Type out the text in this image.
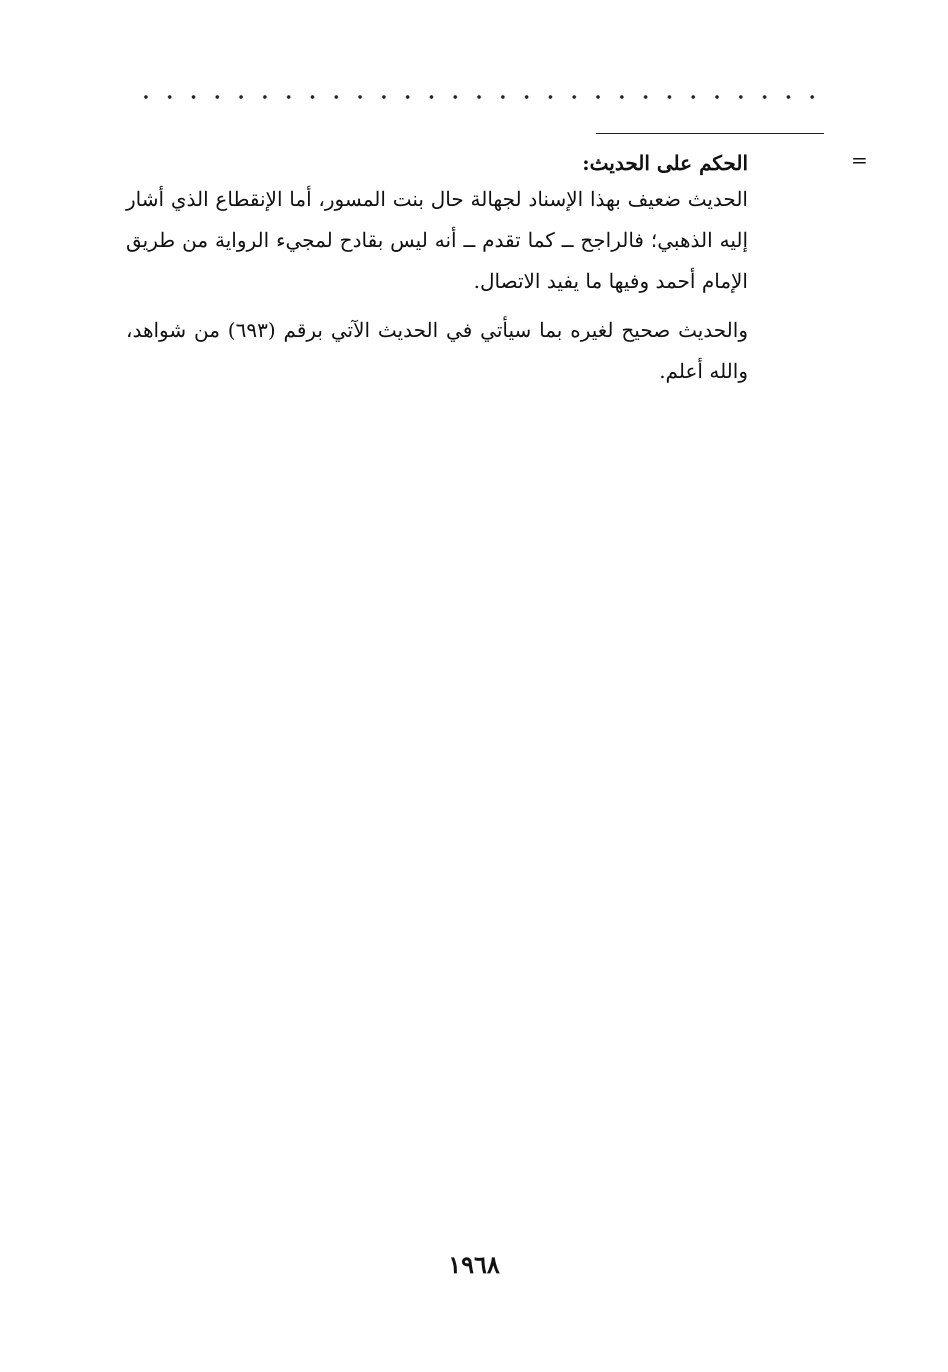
=
الحكم على الحديث:

الحديث ضعيف بهذا الإسناد لجهالة حال بنت المسور، أما الإنقطاع الذي أشار إليه الذهبي؛ فالراجح ــ كما تقدم ــ أنه ليس بقادح لمجيء الرواية من طريق الإمام أحمد وفيها ما يفيد الاتصال.

والحديث صحيح لغيره بما سيأتي في الحديث الآتي برقم (٦٩٣) من شواهد، والله أعلم.

١٩٦٨
